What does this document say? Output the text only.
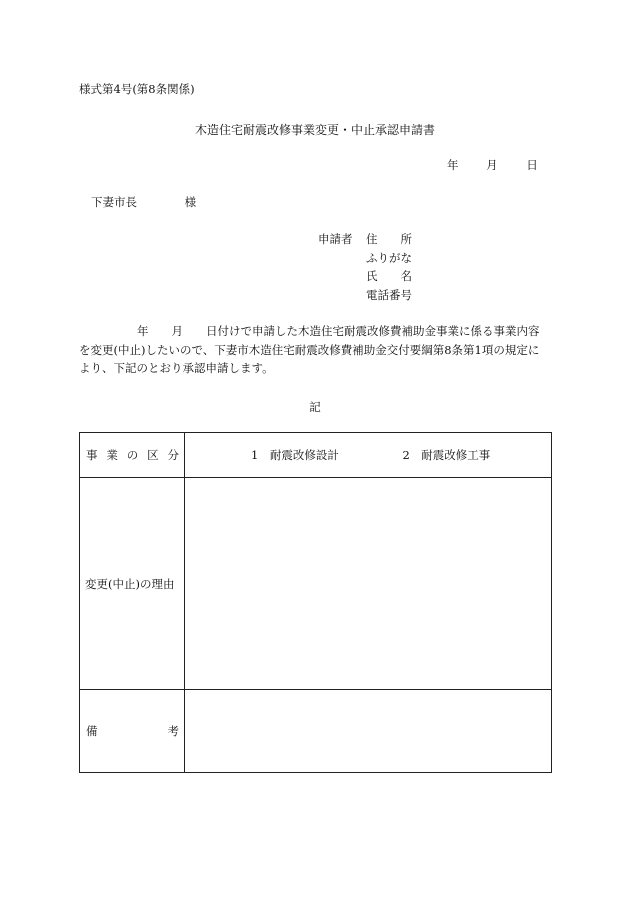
様式第4号(第8条関係)
木造住宅耐震改修事業変更・中止承認申請書
年 月 日
下妻市長	様
申請者 住　　所
ふりがな
氏　　名
電話番号

年　　月　　日付けで申請した木造住宅耐震改修費補助金事業に係る事業内容

を変更(中止)したいので、下妻市木造住宅耐震改修費補助金交付要綱第8条第1項の規定に

より、下記のとおり承認申請します。

記
事 業 の 区 分	1　耐震改修設計 2　耐震改修工事

変更(中止)の理由	

備 考	
